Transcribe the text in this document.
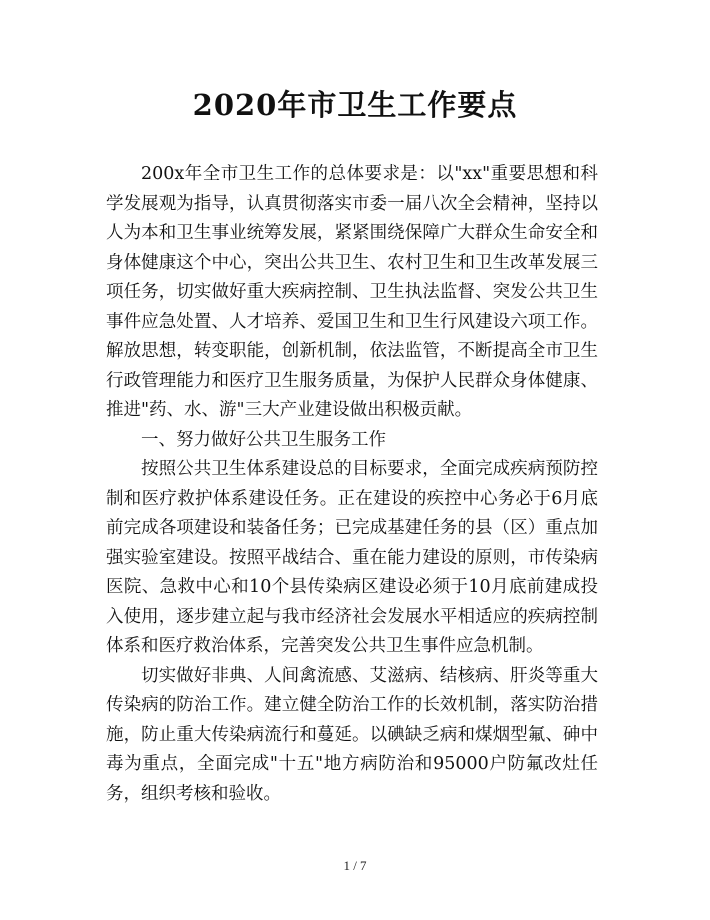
2020年市卫生工作要点

200x年全市卫生工作的总体要求是：以"xx"重要思想和科学发展观为指导，认真贯彻落实市委一届八次全会精神，坚持以人为本和卫生事业统筹发展，紧紧围绕保障广大群众生命安全和身体健康这个中心，突出公共卫生、农村卫生和卫生改革发展三项任务，切实做好重大疾病控制、卫生执法监督、突发公共卫生事件应急处置、人才培养、爱国卫生和卫生行风建设六项工作。解放思想，转变职能，创新机制，依法监管，不断提高全市卫生行政管理能力和医疗卫生服务质量，为保护人民群众身体健康、推进"药、水、游"三大产业建设做出积极贡献。

一、努力做好公共卫生服务工作

按照公共卫生体系建设总的目标要求，全面完成疾病预防控制和医疗救护体系建设任务。正在建设的疾控中心务必于6月底前完成各项建设和装备任务；已完成基建任务的县（区）重点加强实验室建设。按照平战结合、重在能力建设的原则，市传染病医院、急救中心和10个县传染病区建设必须于10月底前建成投入使用，逐步建立起与我市经济社会发展水平相适应的疾病控制体系和医疗救治体系，完善突发公共卫生事件应急机制。

切实做好非典、人间禽流感、艾滋病、结核病、肝炎等重大传染病的防治工作。建立健全防治工作的长效机制，落实防治措施，防止重大传染病流行和蔓延。以碘缺乏病和煤烟型氟、砷中毒为重点，全面完成"十五"地方病防治和95000户防氟改灶任务，组织考核和验收。

1 / 7
